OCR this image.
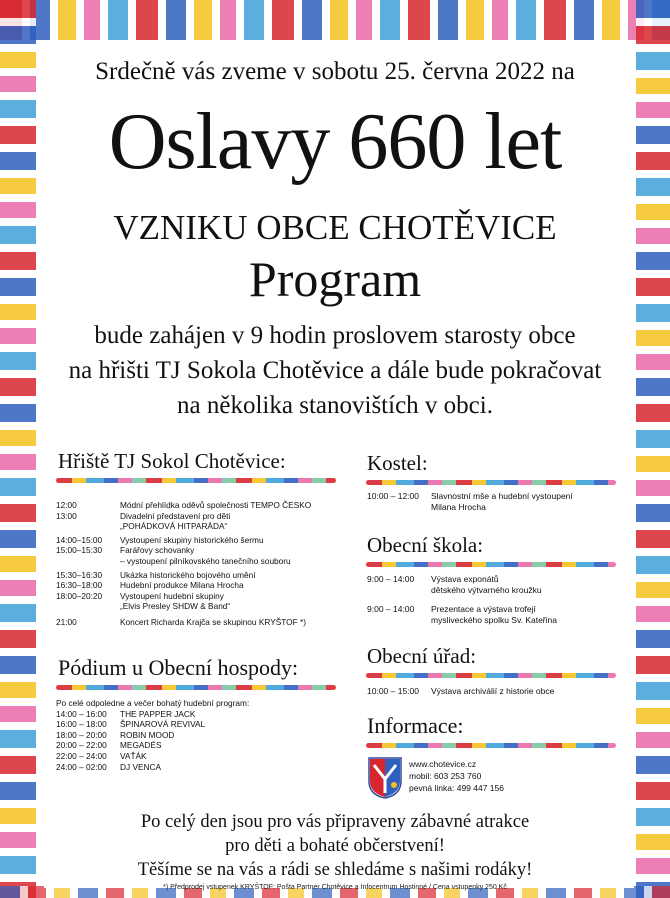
Srdečně vás zveme v sobotu 25. června 2022 na
Oslavy 660 let
VZNIKU OBCE CHOTĚVICE
Program
bude zahájen v 9 hodin proslovem starosty obce
na hřišti TJ Sokola Chotěvice a dále bude pokračovat
na několika stanovištích v obci.
Hřiště TJ Sokol Chotěvice:
12:00	Módní přehlídka oděvů společnosti TEMPO ČESKO
13:00	Divadelní představení pro děti
„POHÁDKOVÁ HITPARÁDA“
14:00–15:00	Vystoupení skupiny historického šermu
15:00–15:30	Farářovy schovanky
– vystoupení pilníkovského tanečního souboru
15:30–16:30	Ukázka historického bojového umění
16:30–18:00	Hudební produkce Milana Hrocha
18:00–20:20	Vystoupení hudební skupiny
„Elvis Presley SHDW & Band“
21:00	Koncert Richarda Krajča se skupinou KRYŠTOF *)
Pódium u Obecní hospody:
Po celé odpoledne a večer bohatý hudební program:
14:00 – 16:00	THE PAPPER JACK
16:00 – 18:00	ŠPINAROVÁ REVIVAL
18:00 – 20:00	ROBIN MOOD
20:00 – 22:00	MEGADÉS
22:00 – 24:00	VAŤÁK
24:00 – 02:00	DJ VENCA
Kostel:
10:00 – 12:00	Slavnostní mše a hudební vystoupení
Milana Hrocha
Obecní škola:
9:00 – 14:00	Výstava exponátů
dětského výtvarného kroužku
9:00 – 14:00	Prezentace a výstava trofejí
mysliveckého spolku Sv. Kateřina
Obecní úřad:
10:00 – 15:00	Výstava archiválií z historie obce
Informace:
www.chotevice.cz
mobil: 603 253 760
pevná linka: 499 447 156
Po celý den jsou pro vás připraveny zábavné atrakce
pro děti a bohaté občerstvení!
Těšíme se na vás a rádi se shledáme s našimi rodáky!
*) Předprodej vstupenek KRYŠTOF: Pošta Partner Chotěvice a Infocentrum Hostinné / Cena vstupenky 250 Kč
